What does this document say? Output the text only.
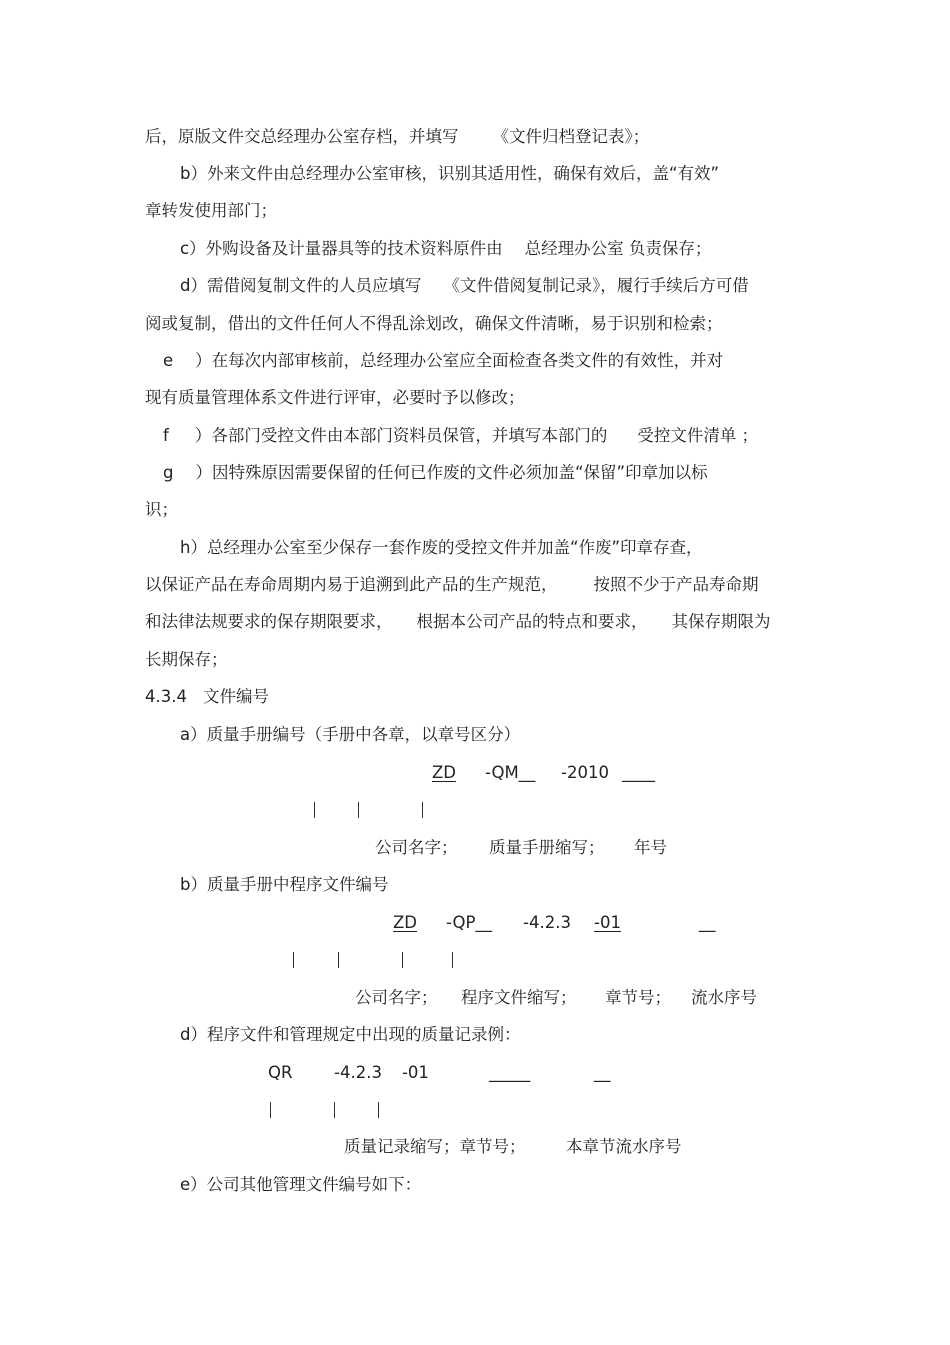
后，原版文件交总经理办公室存档，并填写 《文件归档登记表》；
b）外来文件由总经理办公室审核，识别其适用性，确保有效后，盖“有效”
章转发使用部门；
c）外购设备及计量器具等的技术资料原件由 总经理办公室 负责保存；
d）需借阅复制文件的人员应填写 《文件借阅复制记录》，履行手续后方可借
阅或复制，借出的文件任何人不得乱涂划改，确保文件清晰，易于识别和检索；
e ）在每次内部审核前，总经理办公室应全面检查各类文件的有效性，并对
现有质量管理体系文件进行评审，必要时予以修改；
f ）各部门受控文件由本部门资料员保管，并填写本部门的 受控文件清单 ；
g ）因特殊原因需要保留的任何已作废的文件必须加盖“保留”印章加以标
识；
h）总经理办公室至少保存一套作废的受控文件并加盖“作废”印章存查，
以保证产品在寿命周期内易于追溯到此产品的生产规范， 按照不少于产品寿命期
和法律法规要求的保存期限要求， 根据本公司产品的特点和要求， 其保存期限为
长期保存；
4.3.4 文件编号
a）质量手册编号（手册中各章，以章号区分）
ZD -QM__ -2010 ____
公司名字； 质量手册缩写； 年号
b）质量手册中程序文件编号
ZD -QP__ -4.2.3 -01	__
公司名字； 程序文件缩写； 章节号； 流水序号
d）程序文件和管理规定中出现的质量记录例：
QR	-4.2.3 -01	_____	__
质量记录缩写；章节号； 本章节流水序号
e）公司其他管理文件编号如下：
